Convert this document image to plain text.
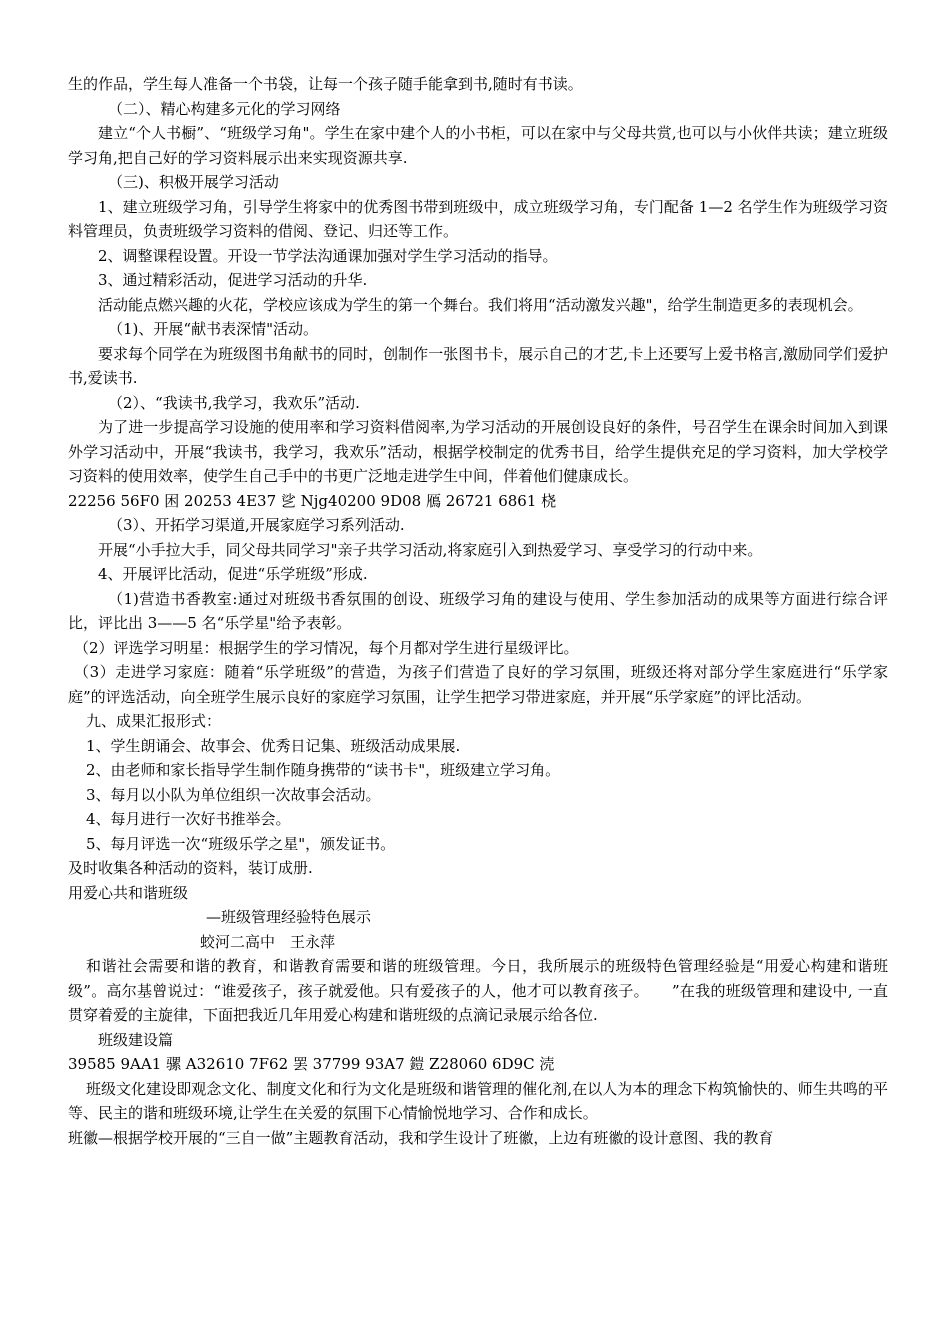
生的作品，学生每人准备一个书袋，让每一个孩子随手能拿到书,随时有书读。

（二）、精心构建多元化的学习网络

建立“个人书橱”、“班级学习角"。学生在家中建个人的小书柜，可以在家中与父母共赏,也可以与小伙伴共读；建立班级学习角,把自己好的学习资料展示出来实现资源共享.

（三)、积极开展学习活动

1、建立班级学习角，引导学生将家中的优秀图书带到班级中，成立班级学习角，专门配备 1—2 名学生作为班级学习资料管理员，负责班级学习资料的借阅、登记、归还等工作。

2、调整课程设置。开设一节学法沟通课加强对学生学习活动的指导。

3、通过精彩活动，促进学习活动的升华.

活动能点燃兴趣的火花，学校应该成为学生的第一个舞台。我们将用“活动激发兴趣"，给学生制造更多的表现机会。

（1)、开展“献书表深情"活动。

要求每个同学在为班级图书角献书的同时，创制作一张图书卡，展示自己的才艺,卡上还要写上爱书格言,激励同学们爱护书,爱读书.

（2）、“我读书,我学习，我欢乐”活动.

为了进一步提高学习设施的使用率和学习资料借阅率,为学习活动的开展创设良好的条件，号召学生在课余时间加入到课外学习活动中，开展“我读书，我学习，我欢乐”活动，根据学校制定的优秀书目，给学生提供充足的学习资料，加大学校学习资料的使用效率，使学生自己手中的书更广泛地走进学生中间，伴着他们健康成长。

22256 56F0 困 20253 4E37 乷 Njg40200 9D08 鴈 26721 6861 桡

（3）、开拓学习渠道,开展家庭学习系列活动.

开展“小手拉大手，同父母共同学习"亲子共学习活动,将家庭引入到热爱学习、享受学习的行动中来。

4、开展评比活动，促进“乐学班级”形成.

（1)营造书香教室:通过对班级书香氛围的创设、班级学习角的建设与使用、学生参加活动的成果等方面进行综合评比，评比出 3——5 名“乐学星"给予表彰。

（2）评选学习明星：根据学生的学习情况，每个月都对学生进行星级评比。

（3）走进学习家庭：随着“乐学班级”的营造，为孩子们营造了良好的学习氛围，班级还将对部分学生家庭进行“乐学家庭”的评选活动，向全班学生展示良好的家庭学习氛围，让学生把学习带进家庭，并开展“乐学家庭”的评比活动。

九、成果汇报形式：

1、学生朗诵会、故事会、优秀日记集、班级活动成果展.

2、由老师和家长指导学生制作随身携带的“读书卡"，班级建立学习角。

3、每月以小队为单位组织一次故事会活动。

4、每月进行一次好书推举会。

5、每月评选一次“班级乐学之星"，颁发证书。

及时收集各种活动的资料，装订成册.

用爱心共和谐班级

—班级管理经验特色展示

蛟河二高中　王永萍

和谐社会需要和谐的教育，和谐教育需要和谐的班级管理。今日，我所展示的班级特色管理经验是“用爱心构建和谐班级”。高尔基曾说过：“谁爱孩子，孩子就爱他。只有爱孩子的人，他才可以教育孩子。　　”在我的班级管理和建设中, 一直贯穿着爱的主旋律，下面把我近几年用爱心构建和谐班级的点滴记录展示给各位.

班级建设篇

39585 9AA1 骡 A32610 7F62 罢 37799 93A7 鎧 Z28060 6D9C 涜

班级文化建设即观念文化、制度文化和行为文化是班级和谐管理的催化剂,在以人为本的理念下构筑愉快的、师生共鸣的平等、民主的谐和班级环境,让学生在关爱的氛围下心情愉悦地学习、合作和成长。

班徽—根据学校开展的“三自一做”主题教育活动，我和学生设计了班徽，上边有班徽的设计意图、我的教育
